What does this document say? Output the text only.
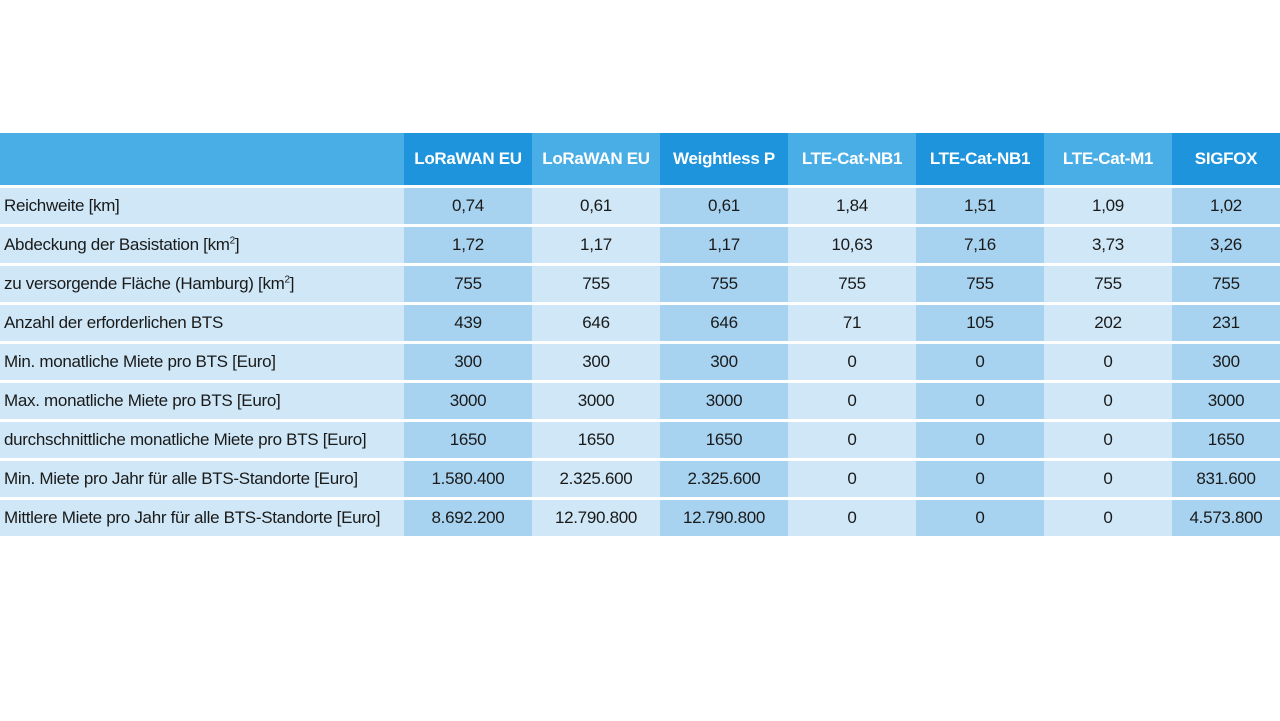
	LoRaWAN EU	LoRaWAN EU	Weightless P	LTE-Cat-NB1	LTE-Cat-NB1	LTE-Cat-M1	SIGFOX
Reichweite [km]	0,74	0,61	0,61	1,84	1,51	1,09	1,02
Abdeckung der Basistation $[km^2]$	1,72	1,17	1,17	10,63	7,16	3,73	3,26
zu versorgende Fläche (Hamburg) $[km^2]$	755	755	755	755	755	755	755
Anzahl der erforderlichen BTS	439	646	646	71	105	202	231
Min. monatliche Miete pro BTS [Euro]	300	300	300	0	0	0	300
Max. monatliche Miete pro BTS [Euro]	3000	3000	3000	0	0	0	3000
durchschnittliche monatliche Miete pro BTS [Euro]	1650	1650	1650	0	0	0	1650
Min. Miete pro Jahr für alle BTS-Standorte [Euro]	1.580.400	2.325.600	2.325.600	0	0	0	831.600
Mittlere Miete pro Jahr für alle BTS-Standorte [Euro]	8.692.200	12.790.800	12.790.800	0	0	0	4.573.800
